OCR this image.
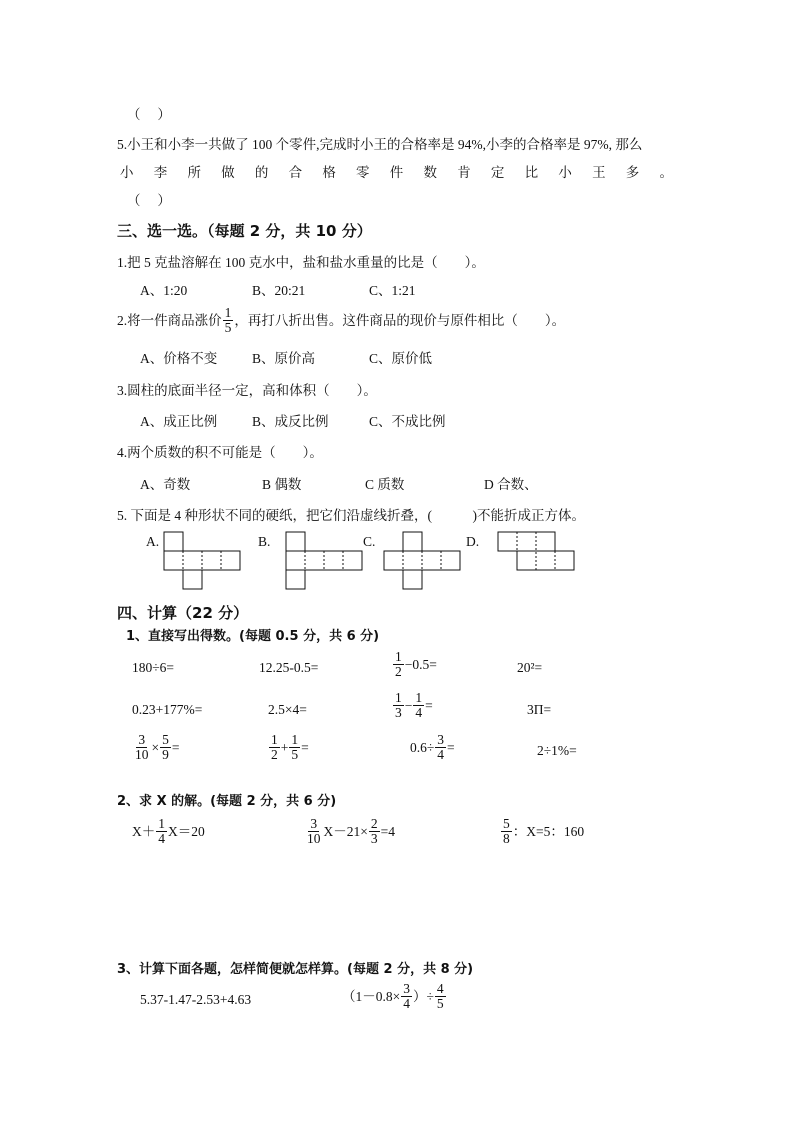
（　 ）
5.小王和小李一共做了 100 个零件,完成时小王的合格率是 94%,小李的合格率是 97%, 那么
小 李 所 做 的 合 格 零 件 数 肯 定 比 小 王 多 。
（　 ）
三、选一选。（每题 2 分，共 10 分）
1.把 5 克盐溶解在 100 克水中，盐和盐水重量的比是（　　）。
A、1:20	B、20:21	C、1:21
2.将一件商品涨价 $\frac{1}{5}$ ，再打八折出售。这件商品的现价与原件相比（　　）。
A、价格不变	B、原价高	C、原价低
3.圆柱的底面半径一定，高和体积（　　）。
A、成正比例	B、成反比例	C、不成比例
4.两个质数的积不可能是（　　）。
A、奇数	B 偶数	C 质数	D 合数、
5. 下面是 4 种形状不同的硬纸，把它们沿虚线折叠，(　　　)不能折成正方体。
A.	B.	C.	D.
四、计算（22 分）
1、直接写出得数。(每题 0.5 分，共 6 分)
180÷6=	12.25-0.5=	$\frac{1}{2} -0.5=$	20²=
0.23+177%=	2.5×4=	$\frac{1}{3} - \frac{1}{4}$ =	3Π=
$\frac{3}{10} \times \frac{5}{9}$ =	$\frac{1}{2} + \frac{1}{5}$ =	$0.6\div \frac{3}{4}$ =	2÷1%=
2、求 X 的解。(每题 2 分，共 6 分)
$X+ \frac{1}{4} X=20$	$\frac{3}{10} X-21\times \frac{2}{3} =4$	$\frac{5}{8}$ ：X=5：160
3、计算下面各题，怎样简便就怎样算。(每题 2 分，共 8 分)
5.37-1.47-2.53+4.63	（$1-0.8\times \frac{3}{4}$ ）÷ $\frac{4}{5}$
